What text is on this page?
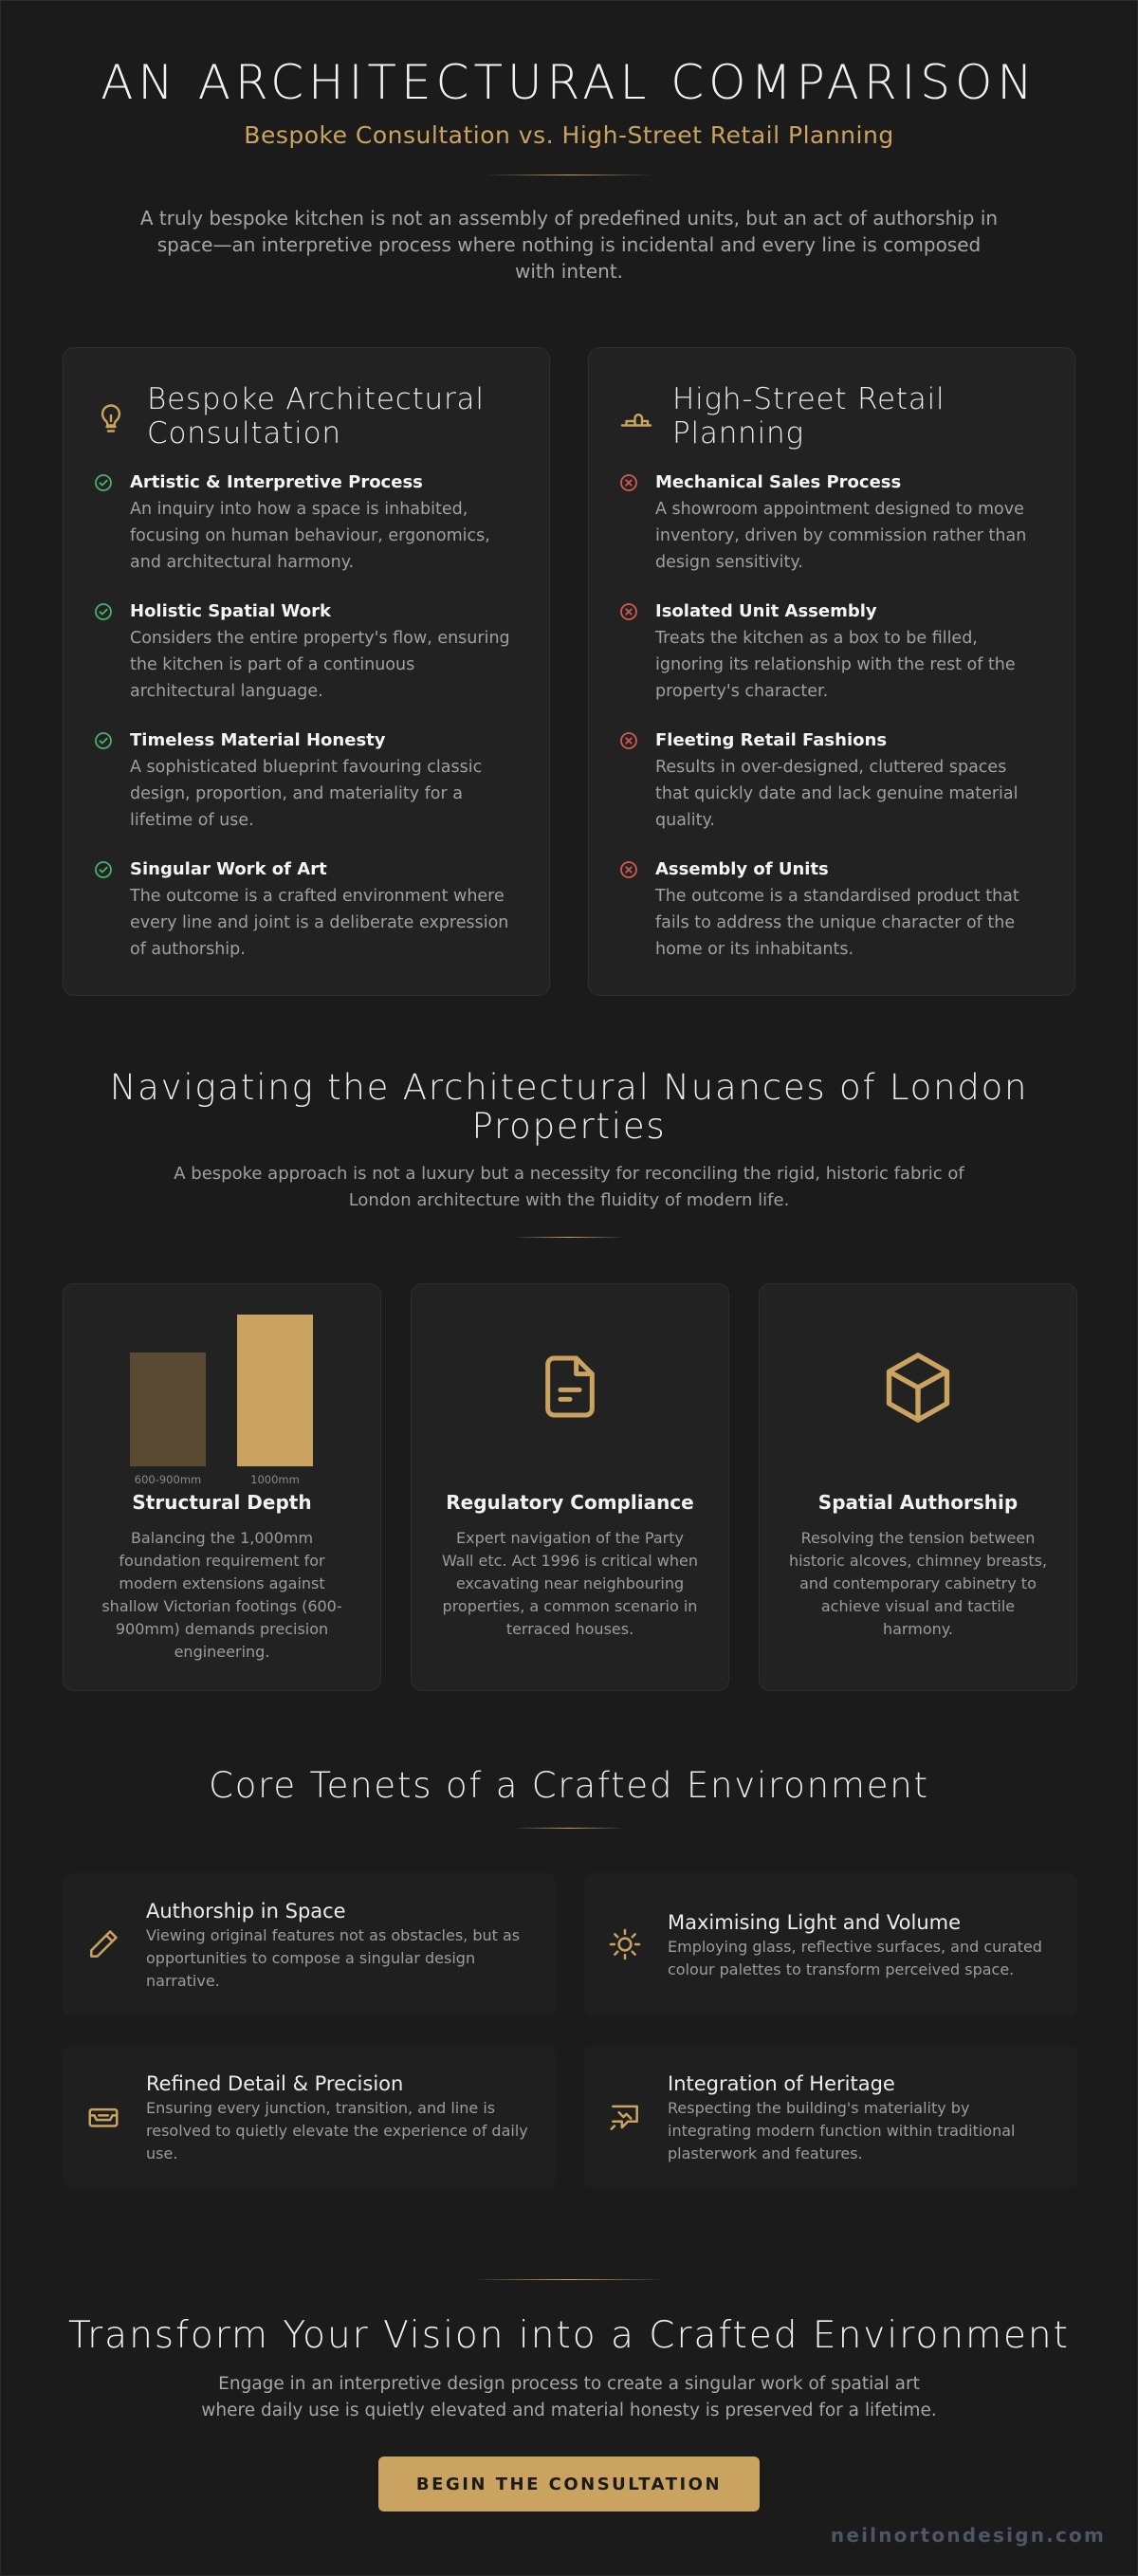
AN ARCHITECTURAL COMPARISON
Bespoke Consultation vs. High-Street Retail Planning
A truly bespoke kitchen is not an assembly of predefined units, but an act of authorship in space—an interpretive process where nothing is incidental and every line is composed with intent.
Bespoke Architectural Consultation
Artistic & Interpretive Process
An inquiry into how a space is inhabited, focusing on human behaviour, ergonomics, and architectural harmony.
Holistic Spatial Work
Considers the entire property's flow, ensuring the kitchen is part of a continuous architectural language.
Timeless Material Honesty
A sophisticated blueprint favouring classic design, proportion, and materiality for a lifetime of use.
Singular Work of Art
The outcome is a crafted environment where every line and joint is a deliberate expression of authorship.
High-Street Retail Planning
Mechanical Sales Process
A showroom appointment designed to move inventory, driven by commission rather than design sensitivity.
Isolated Unit Assembly
Treats the kitchen as a box to be filled, ignoring its relationship with the rest of the property's character.
Fleeting Retail Fashions
Results in over-designed, cluttered spaces that quickly date and lack genuine material quality.
Assembly of Units
The outcome is a standardised product that fails to address the unique character of the home or its inhabitants.
Navigating the Architectural Nuances of London Properties
A bespoke approach is not a luxury but a necessity for reconciling the rigid, historic fabric of London architecture with the fluidity of modern life.
600-900mm	1000mm
Structural Depth
Balancing the 1,000mm foundation requirement for modern extensions against shallow Victorian footings (600-900mm) demands precision engineering.
Regulatory Compliance
Expert navigation of the Party Wall etc. Act 1996 is critical when excavating near neighbouring properties, a common scenario in terraced houses.
Spatial Authorship
Resolving the tension between historic alcoves, chimney breasts, and contemporary cabinetry to achieve visual and tactile harmony.
Core Tenets of a Crafted Environment
Authorship in Space
Viewing original features not as obstacles, but as opportunities to compose a singular design narrative.
Maximising Light and Volume
Employing glass, reflective surfaces, and curated colour palettes to transform perceived space.
Refined Detail & Precision
Ensuring every junction, transition, and line is resolved to quietly elevate the experience of daily use.
Integration of Heritage
Respecting the building's materiality by integrating modern function within traditional plasterwork and features.
Transform Your Vision into a Crafted Environment
Engage in an interpretive design process to create a singular work of spatial art where daily use is quietly elevated and material honesty is preserved for a lifetime.
BEGIN THE CONSULTATION
neilnortondesign.com
